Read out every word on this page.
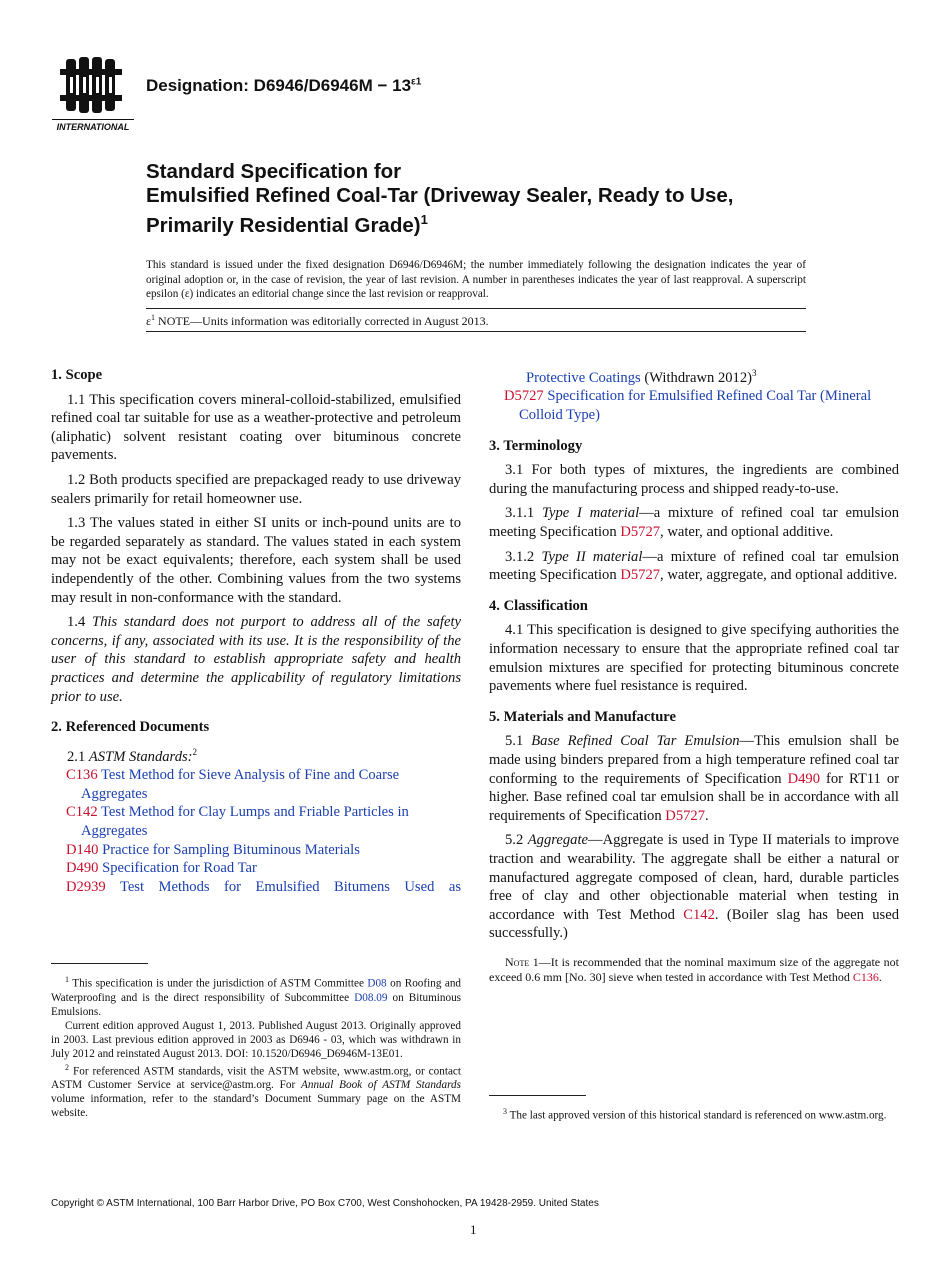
INTERNATIONAL
Designation: $D6946/D6946M - 13^{\varepsilon 1}$
Standard Specification for
Emulsified Refined Coal-Tar (Driveway Sealer, Ready to Use,
Primarily Residential Grade)$^1$
This standard is issued under the fixed designation D6946/D6946M; the number immediately following the designation indicates the year of original adoption or, in the case of revision, the year of last revision. A number in parentheses indicates the year of last reapproval. A superscript epsilon (ε) indicates an editorial change since the last revision or reapproval.
$\varepsilon^1$ NOTE—Units information was editorially corrected in August 2013.
1. Scope

1.1 This specification covers mineral-colloid-stabilized, emulsified refined coal tar suitable for use as a weather-protective and petroleum (aliphatic) solvent resistant coating over bituminous concrete pavements.

1.2 Both products specified are prepackaged ready to use driveway sealers primarily for retail homeowner use.

1.3 The values stated in either SI units or inch-pound units are to be regarded separately as standard. The values stated in each system may not be exact equivalents; therefore, each system shall be used independently of the other. Combining values from the two systems may result in non-conformance with the standard.

1.4 This standard does not purport to address all of the safety concerns, if any, associated with its use. It is the responsibility of the user of this standard to establish appropriate safety and health practices and determine the applicability of regulatory limitations prior to use.

2. Referenced Documents

2.1 ASTM Standards:$^2$

C136 Test Method for Sieve Analysis of Fine and Coarse Aggregates
C142 Test Method for Clay Lumps and Friable Particles in Aggregates
D140 Practice for Sampling Bituminous Materials
D490 Specification for Road Tar
D2939 Test Methods for Emulsified Bitumens Used as

$^1$ This specification is under the jurisdiction of ASTM Committee D08 on Roofing and Waterproofing and is the direct responsibility of Subcommittee D08.09 on Bituminous Emulsions.

Current edition approved August 1, 2013. Published August 2013. Originally approved in 2003. Last previous edition approved in 2003 as D6946 - 03, which was withdrawn in July 2012 and reinstated August 2013. DOI: 10.1520/D6946_D6946M-13E01.

$^2$ For referenced ASTM standards, visit the ASTM website, www.astm.org, or contact ASTM Customer Service at service@astm.org. For Annual Book of ASTM Standards volume information, refer to the standard’s Document Summary page on the ASTM website.

Protective Coatings (Withdrawn 2012)$^3$
D5727 Specification for Emulsified Refined Coal Tar (Mineral Colloid Type)
3. Terminology

3.1 For both types of mixtures, the ingredients are combined during the manufacturing process and shipped ready-to-use.

3.1.1 Type I material—a mixture of refined coal tar emulsion meeting Specification D5727, water, and optional additive.

3.1.2 Type II material—a mixture of refined coal tar emulsion meeting Specification D5727, water, aggregate, and optional additive.

4. Classification

4.1 This specification is designed to give specifying authorities the information necessary to ensure that the appropriate refined coal tar emulsion mixtures are specified for protecting bituminous concrete pavements where fuel resistance is required.

5. Materials and Manufacture

5.1 Base Refined Coal Tar Emulsion—This emulsion shall be made using binders prepared from a high temperature refined coal tar conforming to the requirements of Specification D490 for RT11 or higher. Base refined coal tar emulsion shall be in accordance with all requirements of Specification D5727.

5.2 Aggregate—Aggregate is used in Type II materials to improve traction and wearability. The aggregate shall be either a natural or manufactured aggregate composed of clean, hard, durable particles free of clay and other objectionable material when testing in accordance with Test Method C142. (Boiler slag has been used successfully.)

Note 1—It is recommended that the nominal maximum size of the aggregate not exceed 0.6 mm [No. 30] sieve when tested in accordance with Test Method C136.

$^3$ The last approved version of this historical standard is referenced on www.astm.org.

Copyright © ASTM International, 100 Barr Harbor Drive, PO Box C700, West Conshohocken, PA 19428-2959. United States
1
